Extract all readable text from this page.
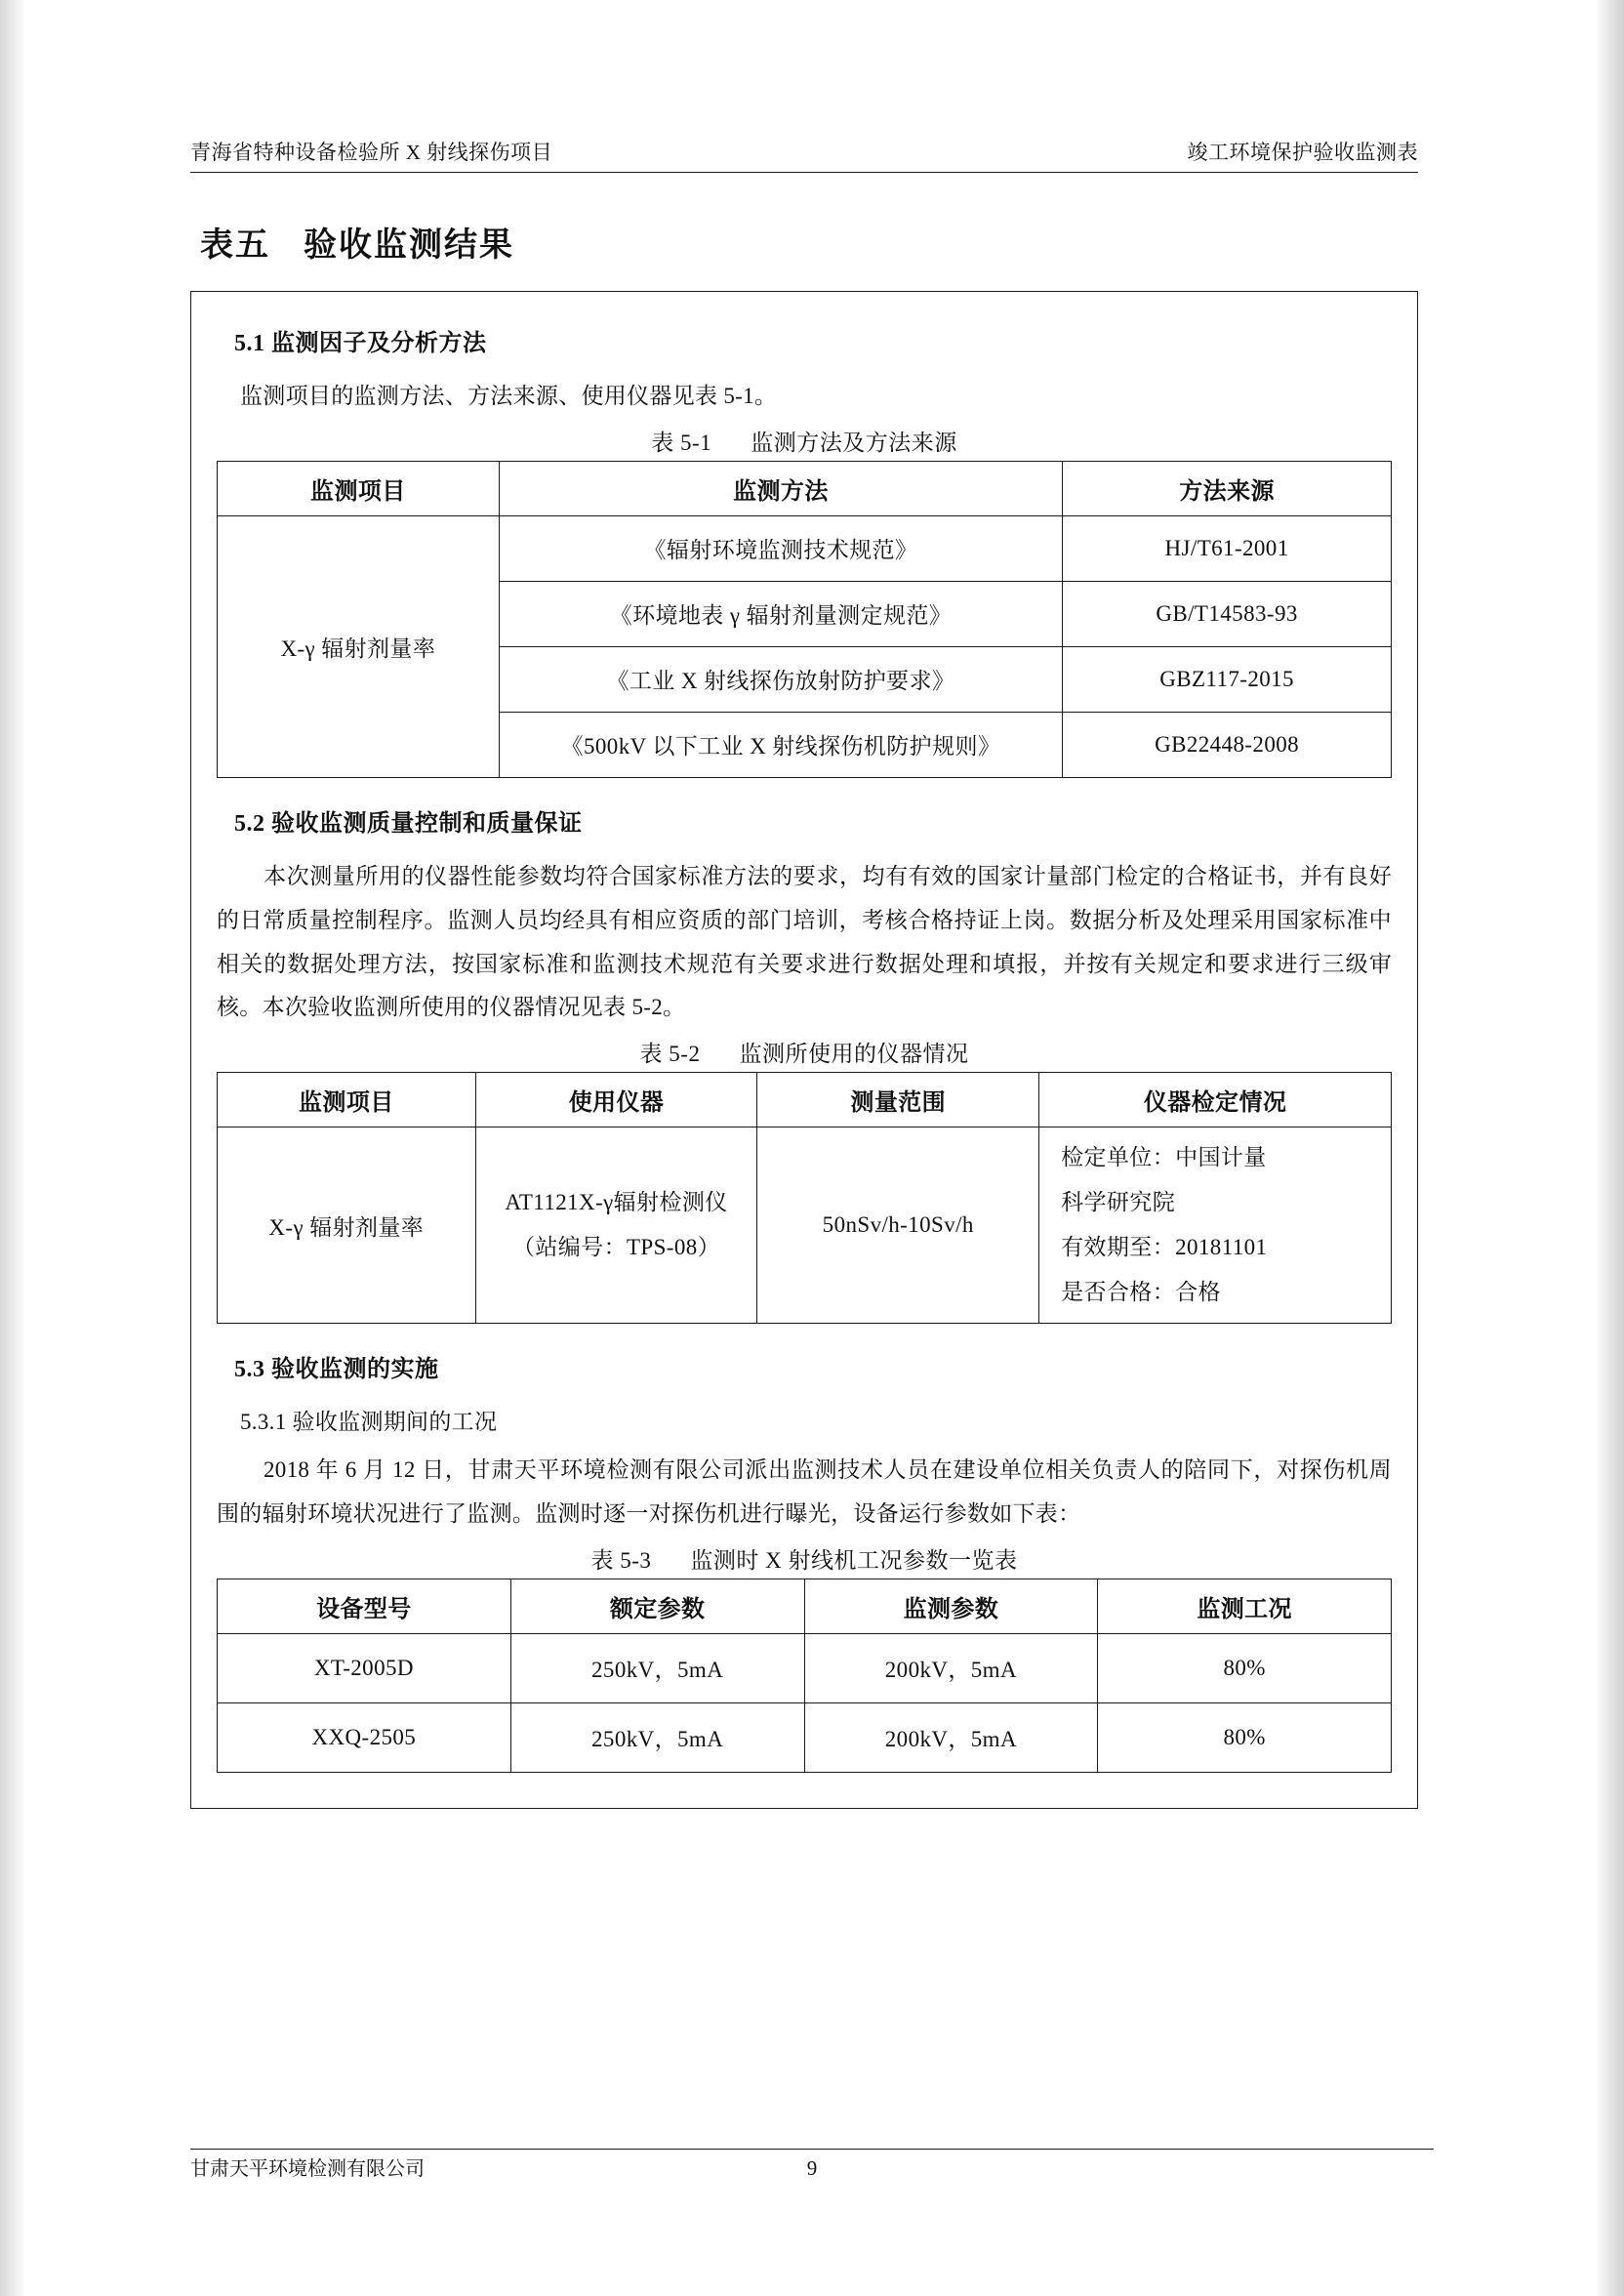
青海省特种设备检验所 X 射线探伤项目	竣工环境保护验收监测表
表五 验收监测结果
5.1 监测因子及分析方法

监测项目的监测方法、方法来源、使用仪器见表 5-1。

表 5-1 监测方法及方法来源
监测项目	监测方法	方法来源
X-γ 辐射剂量率	《辐射环境监测技术规范》	HJ/T61-2001
	《环境地表 γ 辐射剂量测定规范》	GB/T14583-93
	《工业 X 射线探伤放射防护要求》	GBZ117-2015
	《500kV 以下工业 X 射线探伤机防护规则》	GB22448-2008
5.2 验收监测质量控制和质量保证

本次测量所用的仪器性能参数均符合国家标准方法的要求，均有有效的国家计量部门检定的合格证书，并有良好的日常质量控制程序。监测人员均经具有相应资质的部门培训，考核合格持证上岗。数据分析及处理采用国家标准中相关的数据处理方法，按国家标准和监测技术规范有关要求进行数据处理和填报，并按有关规定和要求进行三级审核。本次验收监测所使用的仪器情况见表 5-2。

表 5-2 监测所使用的仪器情况
监测项目	使用仪器	测量范围	仪器检定情况
X-γ 辐射剂量率	AT1121X-γ辐射检测仪（站编号：TPS-08）	50nSv/h-10Sv/h	检定单位：中国计量
科学研究院
有效期至：20181101
是否合格：合格
5.3 验收监测的实施

5.3.1 验收监测期间的工况

2018 年 6 月 12 日，甘肃天平环境检测有限公司派出监测技术人员在建设单位相关负责人的陪同下，对探伤机周围的辐射环境状况进行了监测。监测时逐一对探伤机进行曝光，设备运行参数如下表：

表 5-3 监测时 X 射线机工况参数一览表
设备型号	额定参数	监测参数	监测工况
XT-2005D	250kV，5mA	200kV，5mA	80%
XXQ-2505	250kV，5mA	200kV，5mA	80%
甘肃天平环境检测有限公司	9
